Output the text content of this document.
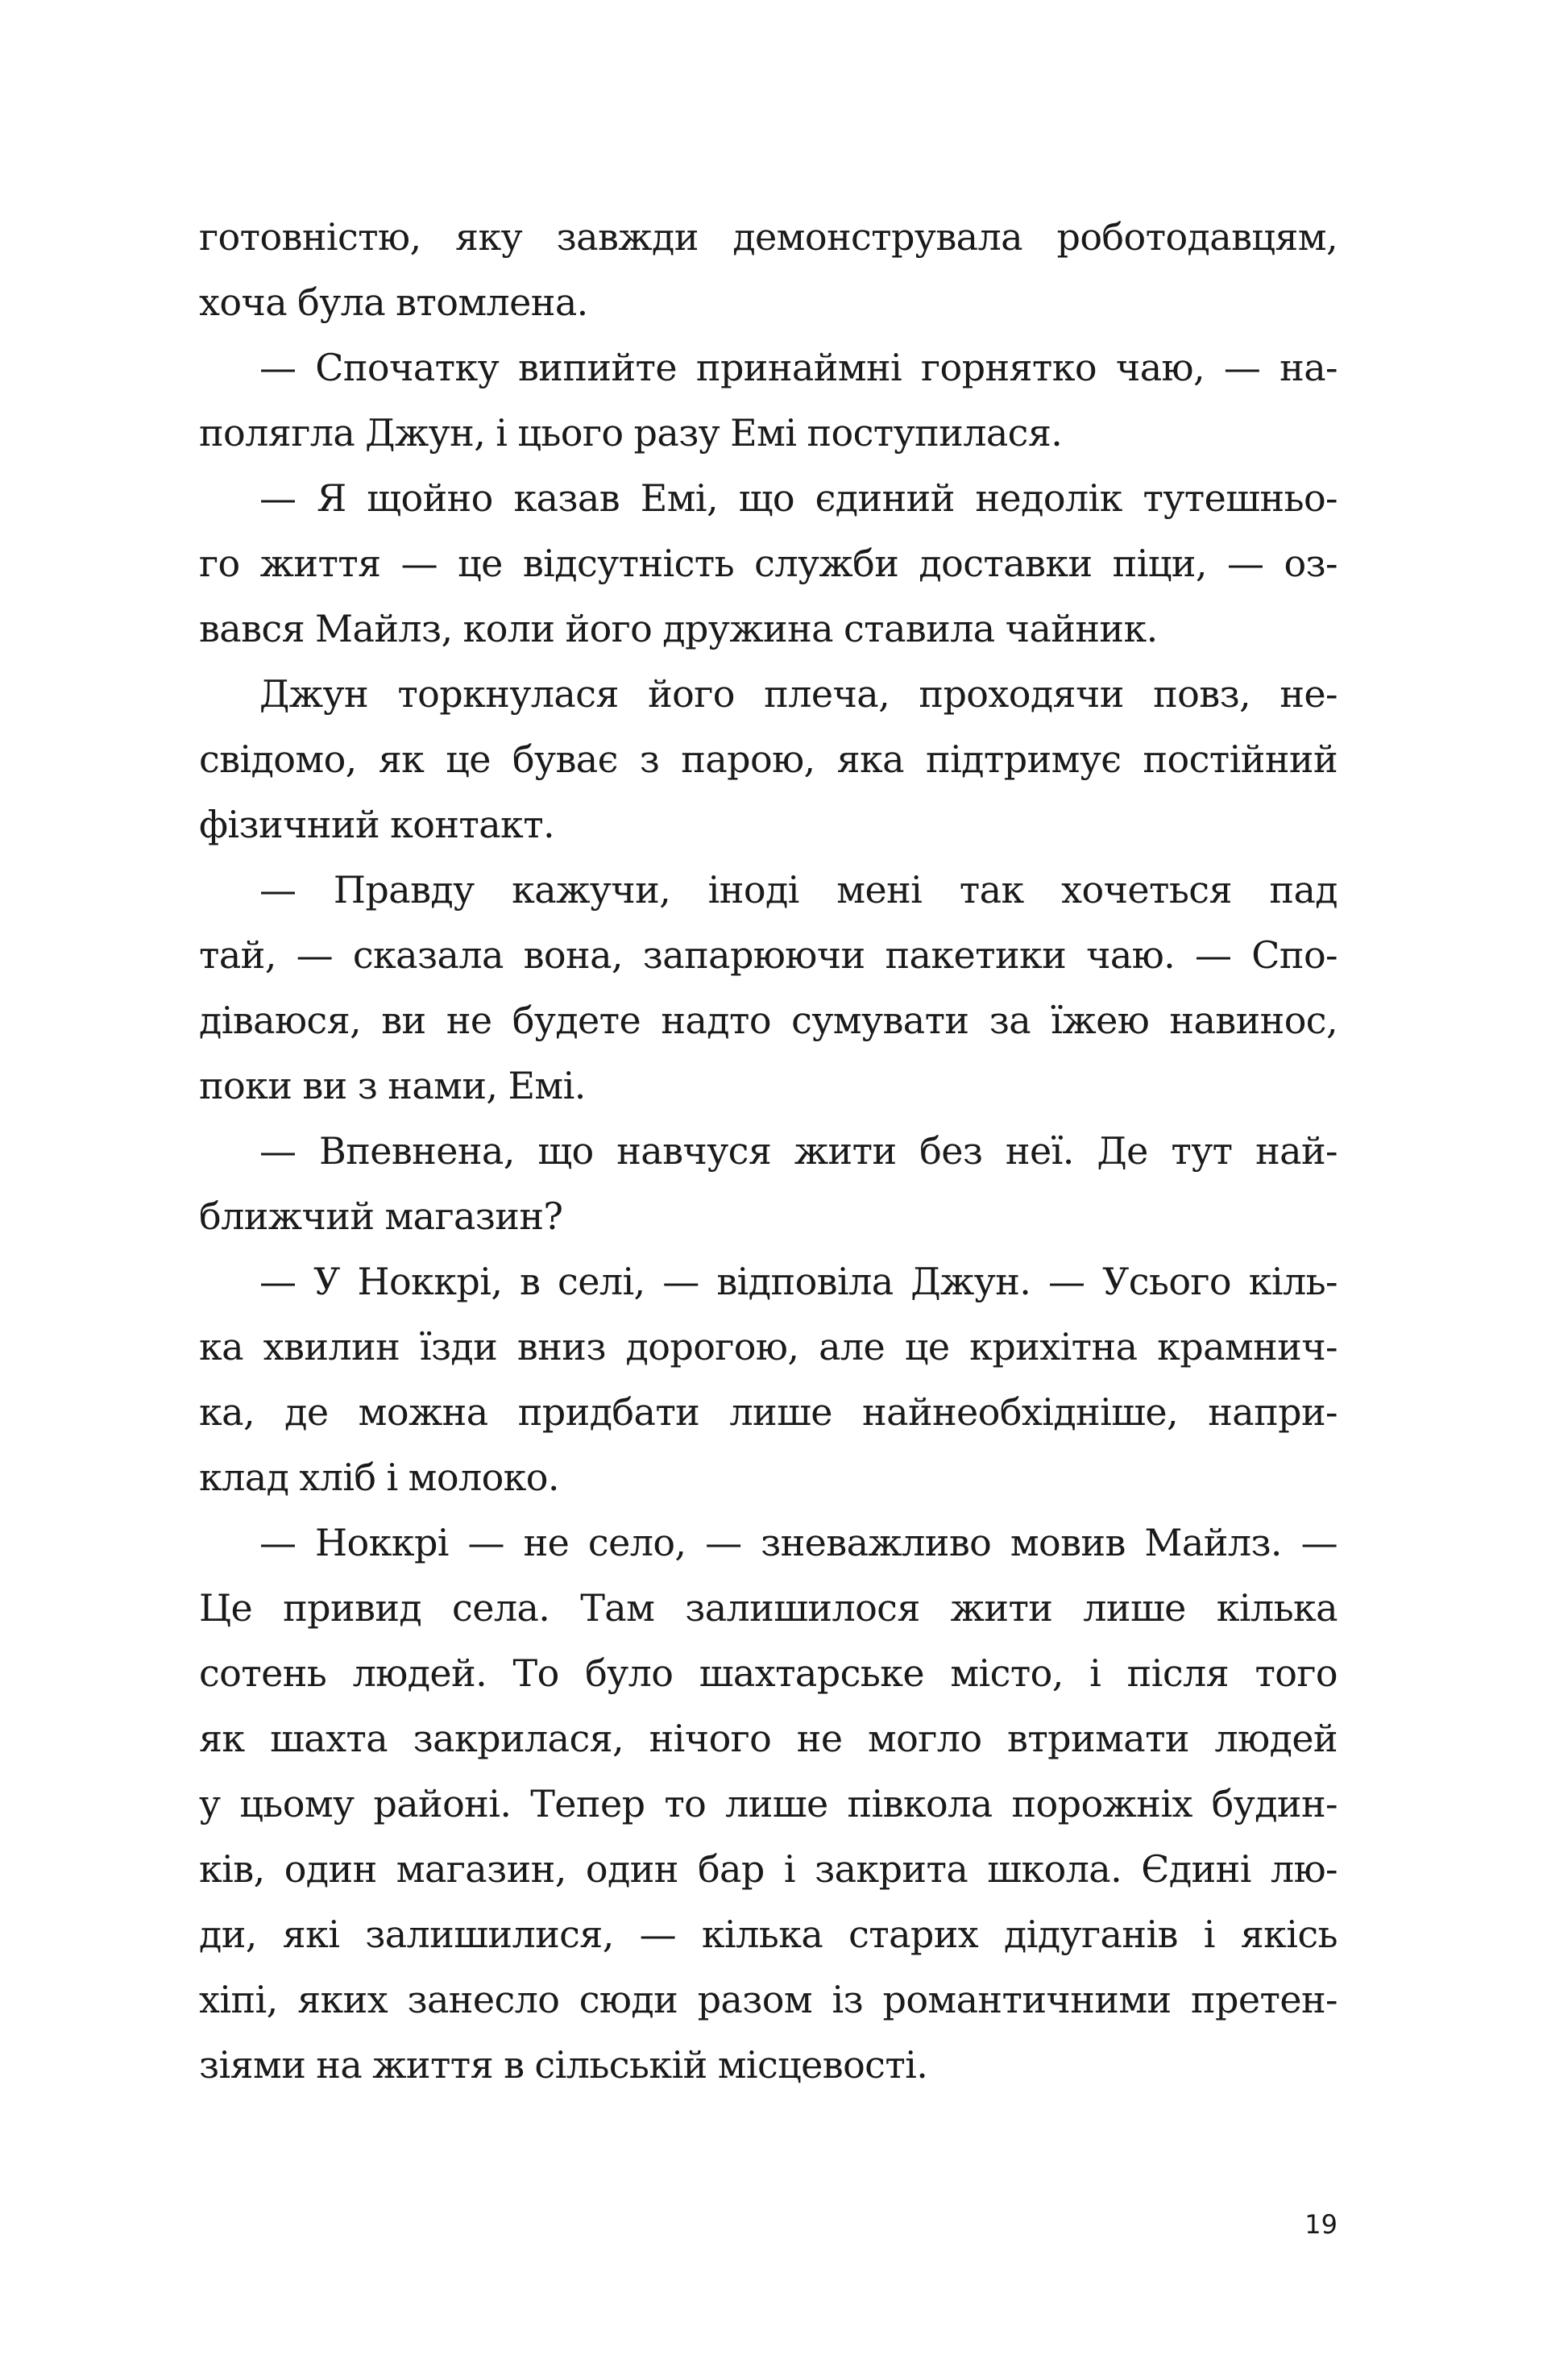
готовністю, яку завжди демонструвала роботодавцям,
хоча була втомлена.
— Спочатку випийте принаймні горнятко чаю, — на-
полягла Джун, і цього разу Емі поступилася.
— Я щойно казав Емі, що єдиний недолік тутешньо-
го життя — це відсутність служби доставки піци, — оз-
вався Майлз, коли його дружина ставила чайник.
Джун торкнулася його плеча, проходячи повз, не-
свідомо, як це буває з парою, яка підтримує постійний
фізичний контакт.
— Правду кажучи, іноді мені так хочеться пад
тай, — сказала вона, запарюючи пакетики чаю. — Спо-
діваюся, ви не будете надто сумувати за їжею навинос,
поки ви з нами, Емі.
— Впевнена, що навчуся жити без неї. Де тут най-
ближчий магазин?
— У Ноккрі, в селі, — відповіла Джун. — Усього кіль-
ка хвилин їзди вниз дорогою, але це крихітна крамнич-
ка, де можна придбати лише найнеобхідніше, напри-
клад хліб і молоко.
— Ноккрі — не село, — зневажливо мовив Майлз. —
Це привид села. Там залишилося жити лише кілька
сотень людей. То було шахтарське місто, і після того
як шахта закрилася, нічого не могло втримати людей
у цьому районі. Тепер то лише півкола порожніх будин-
ків, один магазин, один бар і закрита школа. Єдині лю-
ди, які залишилися, — кілька старих дідуганів і якісь
хіпі, яких занесло сюди разом із романтичними претен-
зіями на життя в сільській місцевості.
19
